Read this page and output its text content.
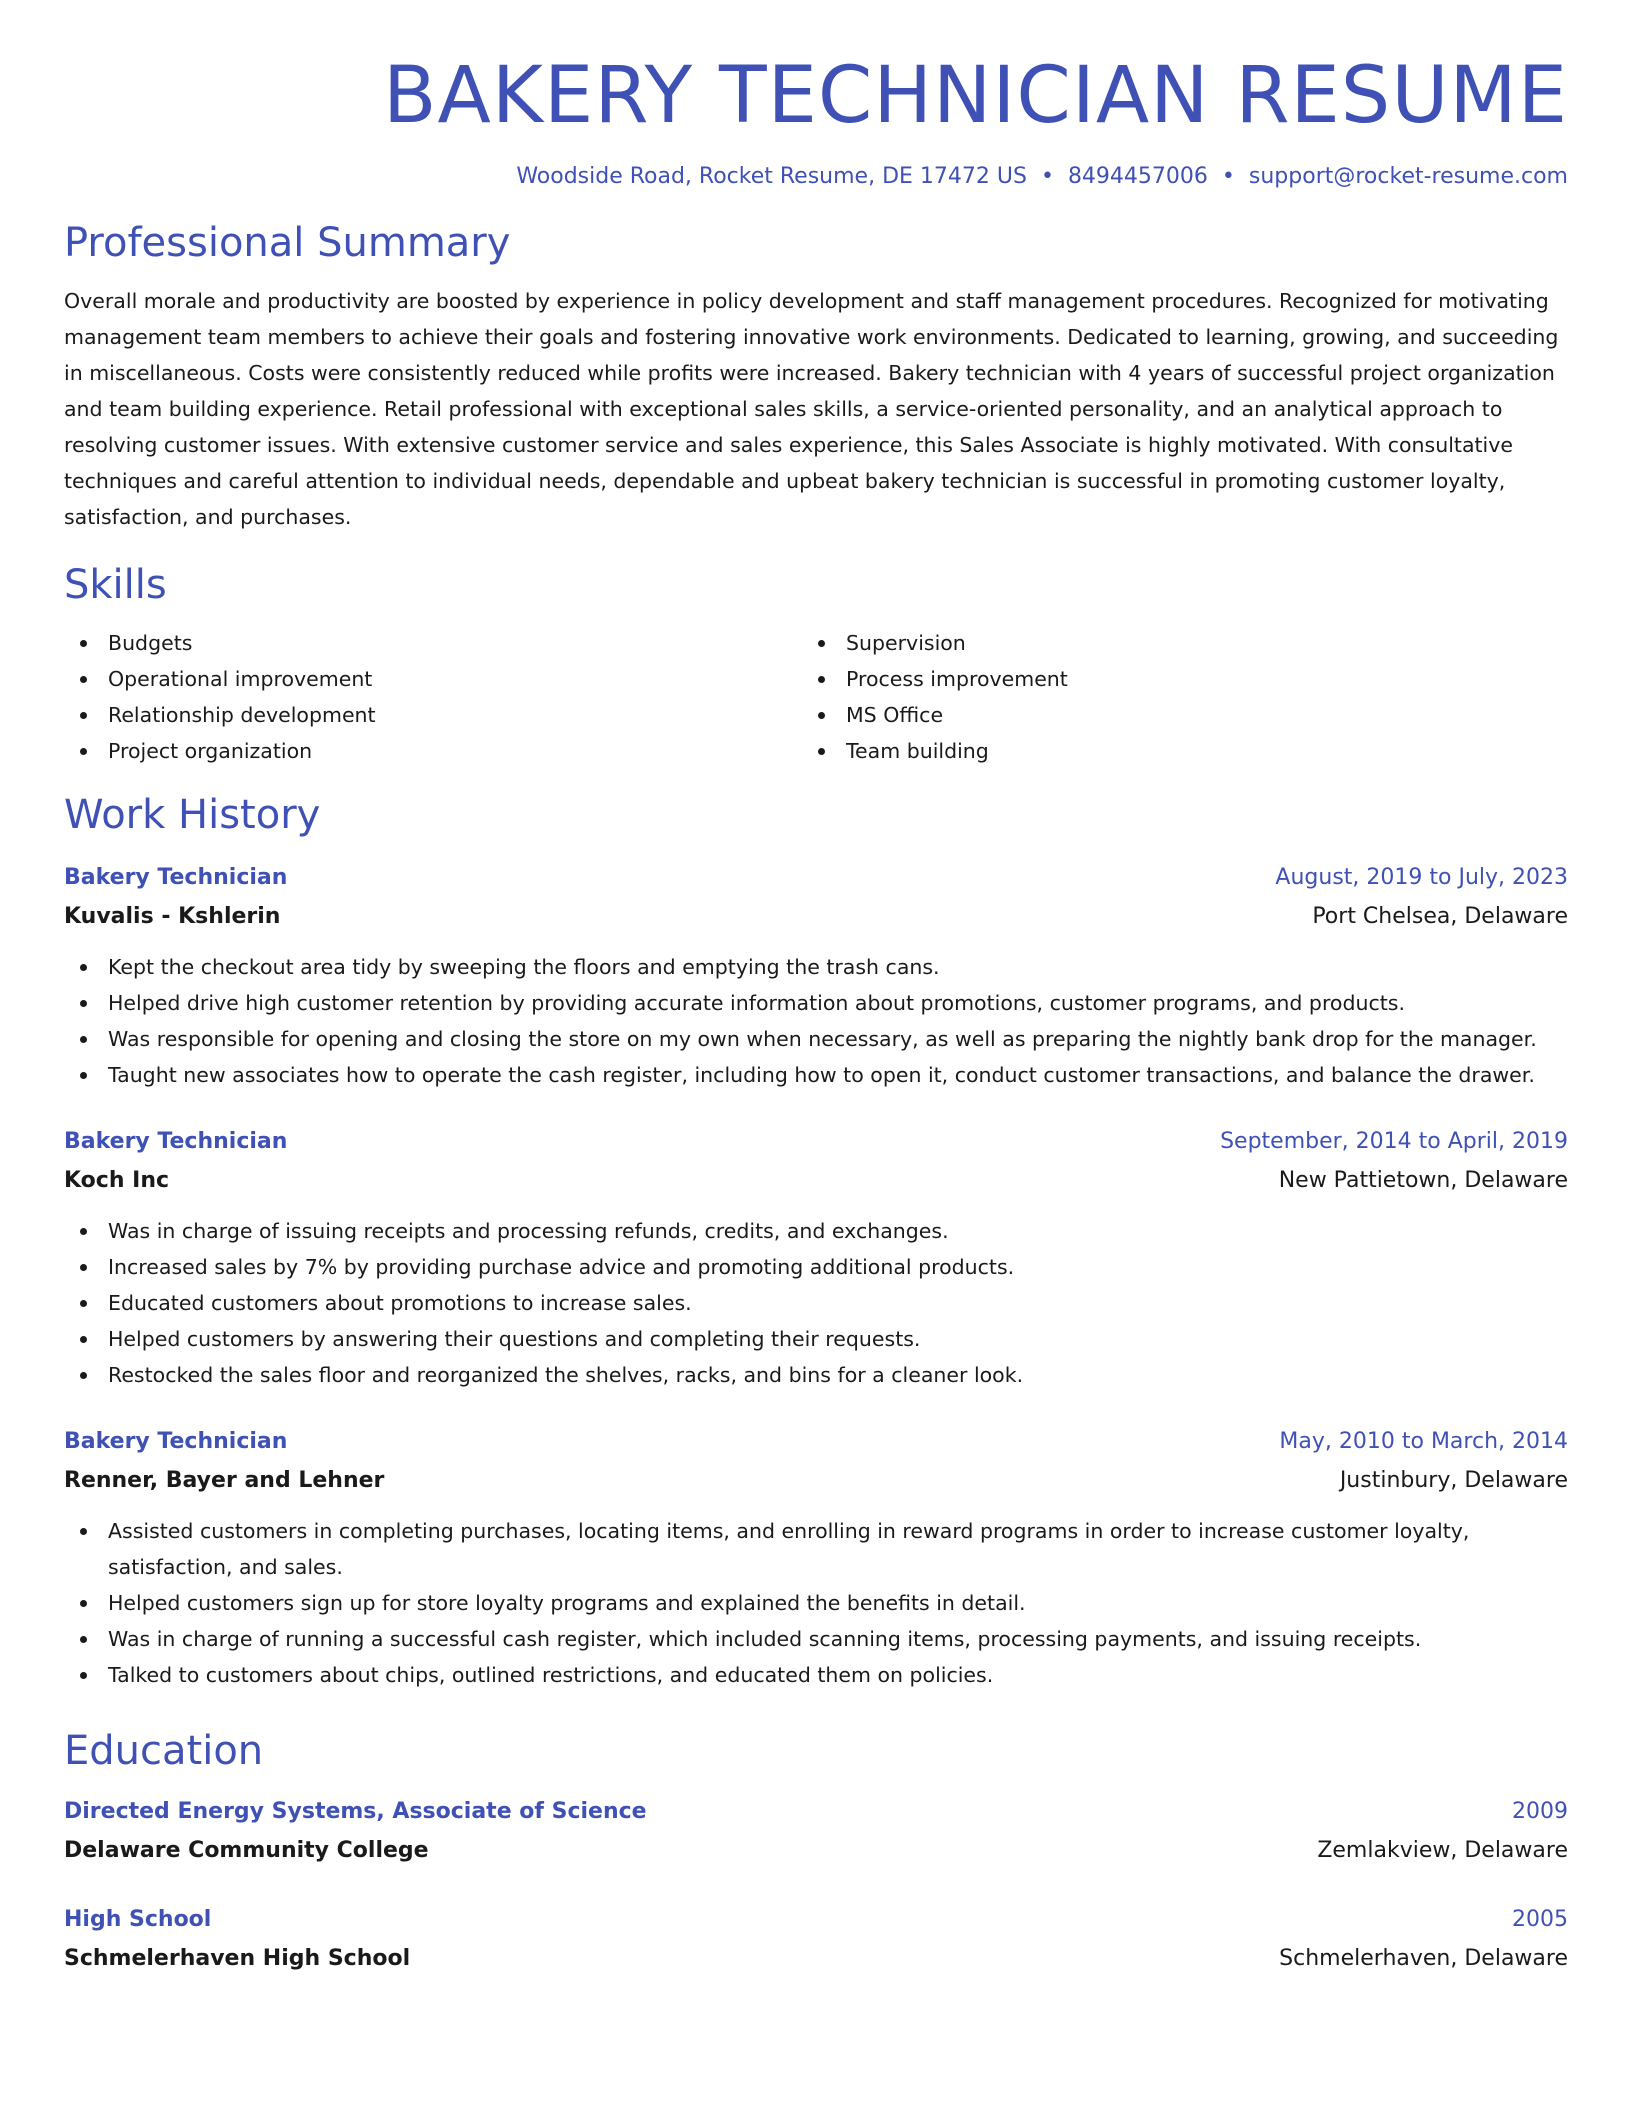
BAKERY TECHNICIAN RESUME
Woodside Road, Rocket Resume, DE 17472 US • 8494457006 • support@rocket-resume.com
Professional Summary

Overall morale and productivity are boosted by experience in policy development and staff management procedures. Recognized for motivating management team members to achieve their goals and fostering innovative work environments. Dedicated to learning, growing, and succeeding in miscellaneous. Costs were consistently reduced while profits were increased. Bakery technician with 4 years of successful project organization and team building experience. Retail professional with exceptional sales skills, a service-oriented personality, and an analytical approach to resolving customer issues. With extensive customer service and sales experience, this Sales Associate is highly motivated. With consultative techniques and careful attention to individual needs, dependable and upbeat bakery technician is successful in promoting customer loyalty, satisfaction, and purchases.

Skills
Budgets
Operational improvement
Relationship development
Project organization
Supervision
Process improvement
MS Office
Team building
Work History
Bakery Technician	August, 2019 to July, 2023
Kuvalis - Kshlerin	Port Chelsea, Delaware
Kept the checkout area tidy by sweeping the floors and emptying the trash cans.
Helped drive high customer retention by providing accurate information about promotions, customer programs, and products.
Was responsible for opening and closing the store on my own when necessary, as well as preparing the nightly bank drop for the manager.
Taught new associates how to operate the cash register, including how to open it, conduct customer transactions, and balance the drawer.
Bakery Technician	September, 2014 to April, 2019
Koch Inc	New Pattietown, Delaware
Was in charge of issuing receipts and processing refunds, credits, and exchanges.
Increased sales by 7% by providing purchase advice and promoting additional products.
Educated customers about promotions to increase sales.
Helped customers by answering their questions and completing their requests.
Restocked the sales floor and reorganized the shelves, racks, and bins for a cleaner look.
Bakery Technician	May, 2010 to March, 2014
Renner, Bayer and Lehner	Justinbury, Delaware
Assisted customers in completing purchases, locating items, and enrolling in reward programs in order to increase customer loyalty, satisfaction, and sales.
Helped customers sign up for store loyalty programs and explained the benefits in detail.
Was in charge of running a successful cash register, which included scanning items, processing payments, and issuing receipts.
Talked to customers about chips, outlined restrictions, and educated them on policies.
Education
Directed Energy Systems, Associate of Science	2009
Delaware Community College	Zemlakview, Delaware
High School	2005
Schmelerhaven High School	Schmelerhaven, Delaware
